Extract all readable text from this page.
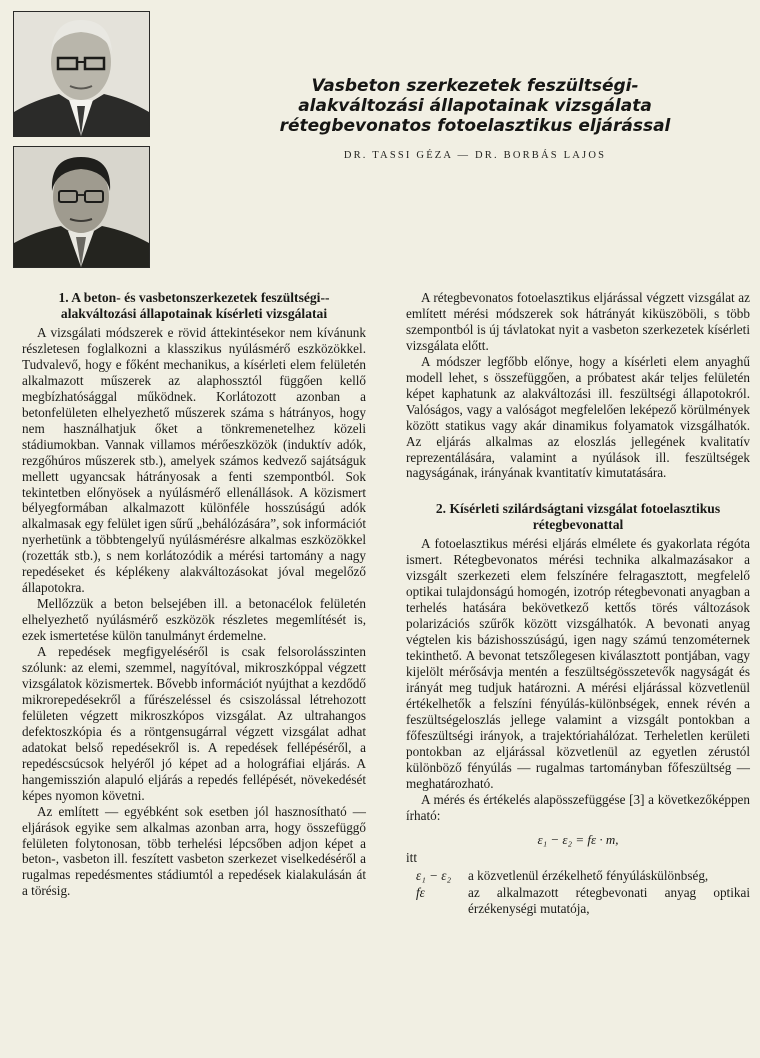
Vasbeton szerkezetek feszültségi-alakváltozási állapotainak vizsgálata rétegbevonatos fotoelasztikus eljárással
DR. TASSI GÉZA — DR. BORBÁS LAJOS
1. A beton- és vasbetonszerkezetek feszültségi--alakváltozási állapotainak kísérleti vizsgálatai

A vizsgálati módszerek e rövid áttekintésekor nem kívánunk részletesen foglalkozni a klasszikus nyúlásmérő eszközökkel. Tudvalevő, hogy e főként mechanikus, a kísérleti elem felületén alkalmazott műszerek az alaphossztól függően kellő megbízhatósággal működnek. Korlátozott azonban a betonfelületen elhelyezhető műszerek száma s hátrányos, hogy nem használhatjuk őket a tönkremenetelhez közeli stádiumokban. Vannak villamos mérőeszközök (induktív adók, rezgőhúros műszerek stb.), amelyek számos kedvező sajátságuk mellett ugyancsak hátrányosak a fenti szempontból. Sok tekintetben előnyösek a nyúlásmérő ellenállások. A közismert bélyegformában alkalmazott különféle hosszúságú adók alkalmasak egy felület igen sűrű „behálózására”, sok információt nyerhetünk a többtengelyű nyúlásmérésre alkalmas eszközökkel (rozetták stb.), s nem korlátozódik a mérési tartomány a nagy repedéseket és képlékeny alakváltozásokat jóval megelőző állapotokra.

Mellőzzük a beton belsejében ill. a betonacélok felületén elhelyezhető nyúlásmérő eszközök részletes megemlítését is, ezek ismertetése külön tanulmányt érdemelne.

A repedések megfigyeléséről is csak felsorolásszinten szólunk: az elemi, szemmel, nagyítóval, mikroszkóppal végzett vizsgálatok közismertek. Bővebb információt nyújthat a kezdődő mikrorepedésekről a fűrészeléssel és csiszolással létrehozott felületen végzett mikroszkópos vizsgálat. Az ultrahangos defektoszkópia és a röntgensugárral végzett vizsgálat adhat adatokat belső repedésekről is. A repedések fellépéséről, a repedéscsúcsok helyéről jó képet ad a holográfiai eljárás. A hangemisszión alapuló eljárás a repedés fellépését, növekedését képes nyomon követni.

Az említett — egyébként sok esetben jól hasznosítható — eljárások egyike sem alkalmas azonban arra, hogy összefüggő felületen folytonosan, több terhelési lépcsőben adjon képet a beton-, vasbeton ill. feszített vasbeton szerkezet viselkedéséről a rugalmas repedésmentes stádiumtól a repedések kialakulásán át a törésig.

A rétegbevonatos fotoelasztikus eljárással végzett vizsgálat az említett mérési módszerek sok hátrányát kiküszöböli, s több szempontból is új távlatokat nyit a vasbeton szerkezetek kísérleti vizsgálata előtt.

A módszer legfőbb előnye, hogy a kísérleti elem anyaghű modell lehet, s összefüggően, a próbatest akár teljes felületén képet kaphatunk az alakváltozási ill. feszültségi állapotokról. Valóságos, vagy a valóságot megfelelően leképező körülmények között statikus vagy akár dinamikus folyamatok vizsgálhatók. Az eljárás alkalmas az eloszlás jellegének kvalitatív reprezentálására, valamint a nyúlások ill. feszültségek nagyságának, irányának kvantitatív kimutatására.

2. Kísérleti szilárdságtani vizsgálat fotoelasztikus rétegbevonattal

A fotoelasztikus mérési eljárás elmélete és gyakorlata régóta ismert. Rétegbevonatos mérési technika alkalmazásakor a vizsgált szerkezeti elem felszínére felragasztott, megfelelő optikai tulajdonságú homogén, izotróp rétegbevonati anyagban a terhelés hatására bekövetkező kettős törés változások polarizációs szűrők között vizsgálhatók. A bevonati anyag végtelen kis bázishosszúságú, igen nagy számú tenzométernek tekinthető. A bevonat tetszőlegesen kiválasztott pontjában, vagy kijelölt mérősávja mentén a feszültségösszetevők nagyságát és irányát meg tudjuk határozni. A mérési eljárással közvetlenül értékelhetők a felszíni fényúlás-különbségek, ennek révén a feszültségeloszlás jellege valamint a vizsgált pontokban a főfeszültségi irányok, a trajektóriahálózat. Terheletlen kerületi pontokban az eljárással közvetlenül az egyetlen zérustól különböző fényúlás — rugalmas tartományban főfeszültség — meghatározható.

A mérés és értékelés alapösszefüggése [3] a következőképpen írható:

ε₁ − ε₂ = fε · m,
itt
ε₁ − ε₂	a közvetlenül érzékelhető fényúláskülönbség,
fε	az alkalmazott rétegbevonati anyag optikai érzékenységi mutatója,
